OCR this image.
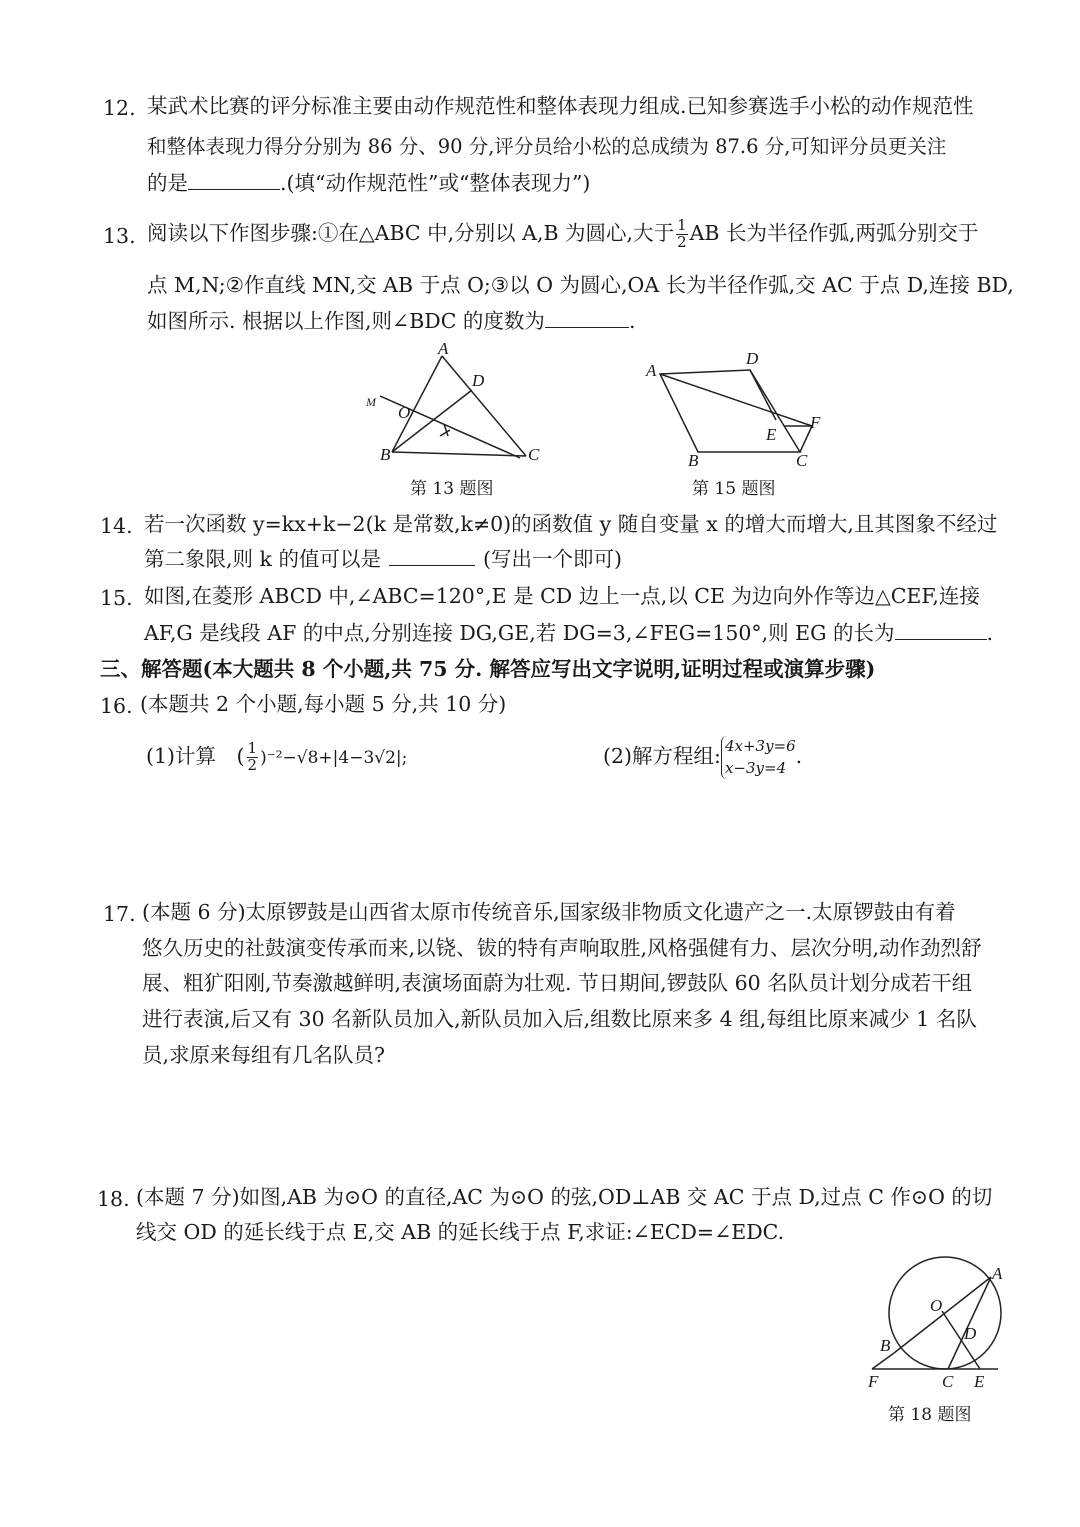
12. 某武术比赛的评分标准主要由动作规范性和整体表现力组成.已知参赛选手小松的动作规范性
和整体表现力得分分别为 86 分、90 分,评分员给小松的总成绩为 87.6 分,可知评分员更关注
的是	.(填“动作规范性”或“整体表现力”)
13. 阅读以下作图步骤:①在△ABC 中,分别以 A,B 为圆心,大于 $\frac{1}{2}$ AB 长为半径作弧,两弧分别交于
点 M,N;②作直线 MN,交 AB 于点 O;③以 O 为圆心,OA 长为半径作弧,交 AC 于点 D,连接 BD,
如图所示. 根据以上作图,则∠BDC 的度数为	.
A
B	C
D
O
M
第 13 题图
A
D
B	C
E
F
第 15 题图
14. 若一次函数 y=kx+k−2(k 是常数,k≠0)的函数值 y 随自变量 x 的增大而增大,且其图象不经过
第二象限,则 k 的值可以是	(写出一个即可)
15. 如图,在菱形 ABCD 中,∠ABC=120°,E 是 CD 边上一点,以 CE 为边向外作等边△CEF,连接
AF,G 是线段 AF 的中点,分别连接 DG,GE,若 DG=3,∠FEG=150°,则 EG 的长为	.
三、解答题(本大题共 8 个小题,共 75 分. 解答应写出文字说明,证明过程或演算步骤)
16. (本题共 2 个小题,每小题 5 分,共 10 分)
(1)计算 ( $\frac{1}{2} )^{-2}-√8+|4-3√2|$;	(2)解方程组: 4x+3y=6
x−3y=4 .
17. (本题 6 分)太原锣鼓是山西省太原市传统音乐,国家级非物质文化遗产之一.太原锣鼓由有着
悠久历史的社鼓演变传承而来,以铙、钹的特有声响取胜,风格强健有力、层次分明,动作劲烈舒
展、粗犷阳刚,节奏激越鲜明,表演场面蔚为壮观. 节日期间,锣鼓队 60 名队员计划分成若干组
进行表演,后又有 30 名新队员加入,新队员加入后,组数比原来多 4 组,每组比原来减少 1 名队
员,求原来每组有几名队员?
18. (本题 7 分)如图,AB 为⊙O 的直径,AC 为⊙O 的弦,OD⊥AB 交 AC 于点 D,过点 C 作⊙O 的切
线交 OD 的延长线于点 E,交 AB 的延长线于点 F,求证:∠ECD=∠EDC.
A
B
C
D
E
F
O
第 18 题图
